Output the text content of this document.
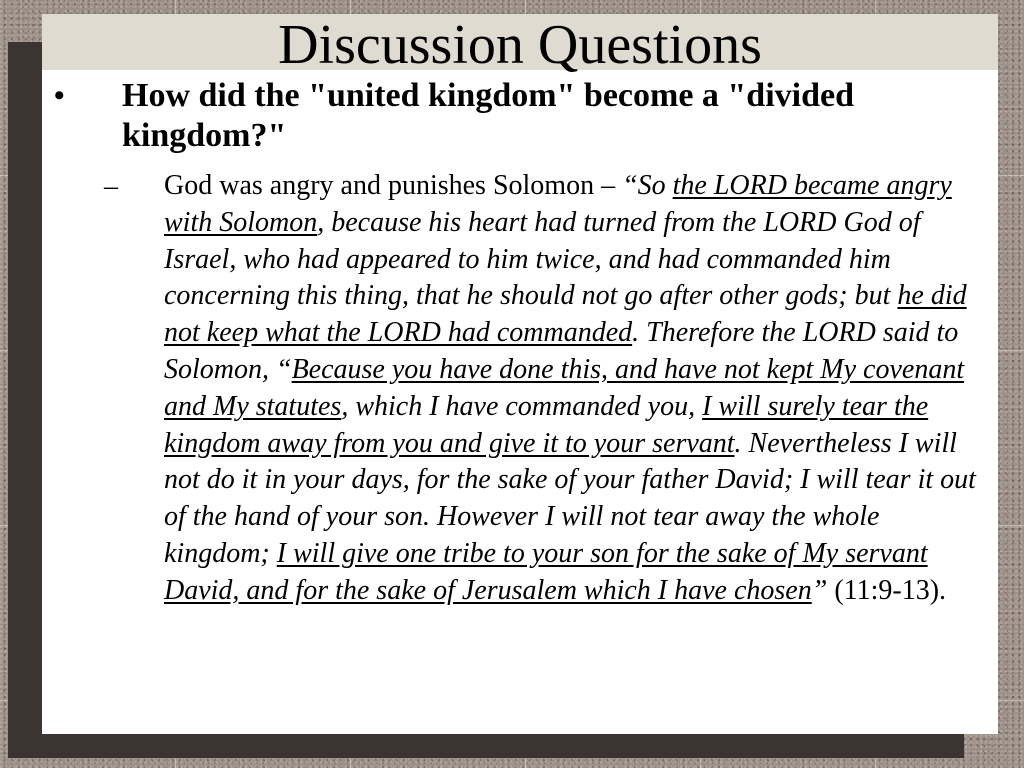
Discussion Questions
• How did the "united kingdom" become a "divided kingdom?"
– God was angry and punishes Solomon – “So the LORD became angry with Solomon, because his heart had turned from the LORD God of Israel, who had appeared to him twice, and had commanded him concerning this thing, that he should not go after other gods; but he did not keep what the LORD had commanded. Therefore the LORD said to Solomon, “Because you have done this, and have not kept My covenant and My statutes, which I have commanded you, I will surely tear the kingdom away from you and give it to your servant. Nevertheless I will not do it in your days, for the sake of your father David; I will tear it out of the hand of your son. However I will not tear away the whole kingdom; I will give one tribe to your son for the sake of My servant David, and for the sake of Jerusalem which I have chosen” (11:9-13).
